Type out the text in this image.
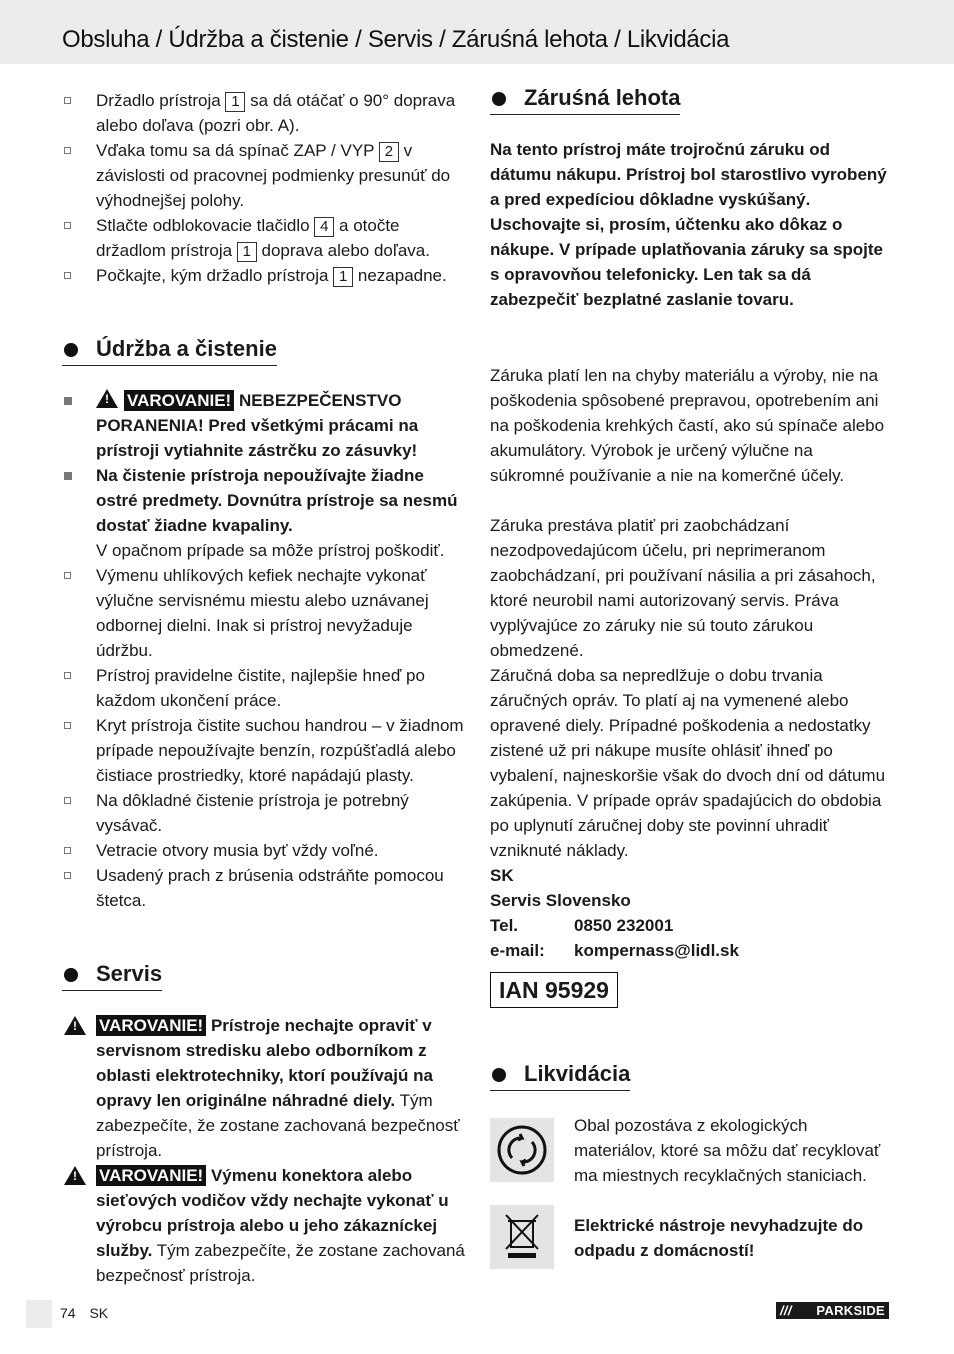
Obsluha / Údržba a čistenie / Servis / Záruśná lehota / Likvidácia
Držadlo prístroja 1 sa dá otáčať o 90° doprava alebo doľava (pozri obr. A).
Vďaka tomu sa dá spínač ZAP / VYP 2 v závislosti od pracovnej podmienky presunúť do výhodnejšej polohy.
Stlačte odblokovacie tlačidlo 4 a otočte držadlom prístroja 1 doprava alebo doľava.
Počkajte, kým držadlo prístroja 1 nezapadne.
Údržba a čistenie
! VAROVANIE! NEBEZPEČENSTVO PORANENIA! Pred všetkými prácami na prístroji vytiahnite zástrčku zo zásuvky!
Na čistenie prístroja nepoužívajte žiadne ostré predmety. Dovnútra prístroje sa nesmú dostať žiadne kvapaliny.
V opačnom prípade sa môže prístroj poškodiť.
Výmenu uhlíkových kefiek nechajte vykonať výlučne servisnému miestu alebo uznávanej odbornej dielni. Inak si prístroj nevyžaduje údržbu.
Prístroj pravidelne čistite, najlepšie hneď po každom ukončení práce.
Kryt prístroja čistite suchou handrou – v žiadnom prípade nepoužívajte benzín, rozpúšťadlá alebo čistiace prostriedky, ktoré napádajú plasty.
Na dôkladné čistenie prístroja je potrebný vysávač.
Vetracie otvory musia byť vždy voľné.
Usadený prach z brúsenia odstráňte pomocou štetca.
Servis
! VAROVANIE! Prístroje nechajte opraviť v servisnom stredisku alebo odborníkom z oblasti elektrotechniky, ktorí používajú na opravy len originálne náhradné diely. Tým zabezpečíte, že zostane zachovaná bezpečnosť prístroja.
! VAROVANIE! Výmenu konektora alebo sieťových vodičov vždy nechajte vykonať u výrobcu prístroja alebo u jeho zákazníckej služby. Tým zabezpečíte, že zostane zachovaná bezpečnosť prístroja.
Záruśná lehota
Na tento prístroj máte trojročnú záruku od dátumu nákupu. Prístroj bol starostlivo vyrobený a pred expedíciou dôkladne vyskúšaný. Uschovajte si, prosím, účtenku ako dôkaz o nákupe. V prípade uplatňovania záruky sa spojte s opravovňou telefonicky. Len tak sa dá zabezpečiť bezplatné zaslanie tovaru.
Záruka platí len na chyby materiálu a výroby, nie na poškodenia spôsobené prepravou, opotrebením ani na poškodenia krehkých častí, ako sú spínače alebo akumulátory. Výrobok je určený výlučne na súkromné používanie a nie na komerčné účely.
Záruka prestáva platiť pri zaobchádzaní nezodpovedajúcom účelu, pri neprimeranom zaobchádzaní, pri používaní násilia a pri zásahoch, ktoré neurobil nami autorizovaný servis. Práva vyplývajúce zo záruky nie sú touto zárukou obmedzené.
Záručná doba sa nepredlžuje o dobu trvania záručných opráv. To platí aj na vymenené alebo opravené diely. Prípadné poškodenia a nedostatky zistené už pri nákupe musíte ohlásiť ihneď po vybalení, najneskoršie však do dvoch dní od dátumu zakúpenia. V prípade opráv spadajúcich do obdobia po uplynutí záručnej doby ste povinní uhradiť vzniknuté náklady.
SK
Servis Slovensko
Tel.	0850 232001
e-mail: kompernass@lidl.sk
IAN 95929
Likvidácia
Obal pozostáva z ekologických materiálov, ktoré sa môžu dať recyklovať ma miestnych recyklačných staniciach.
Elektrické nástroje nevyhadzujte do odpadu z domácností!
74 SK	/// PARKSIDE
